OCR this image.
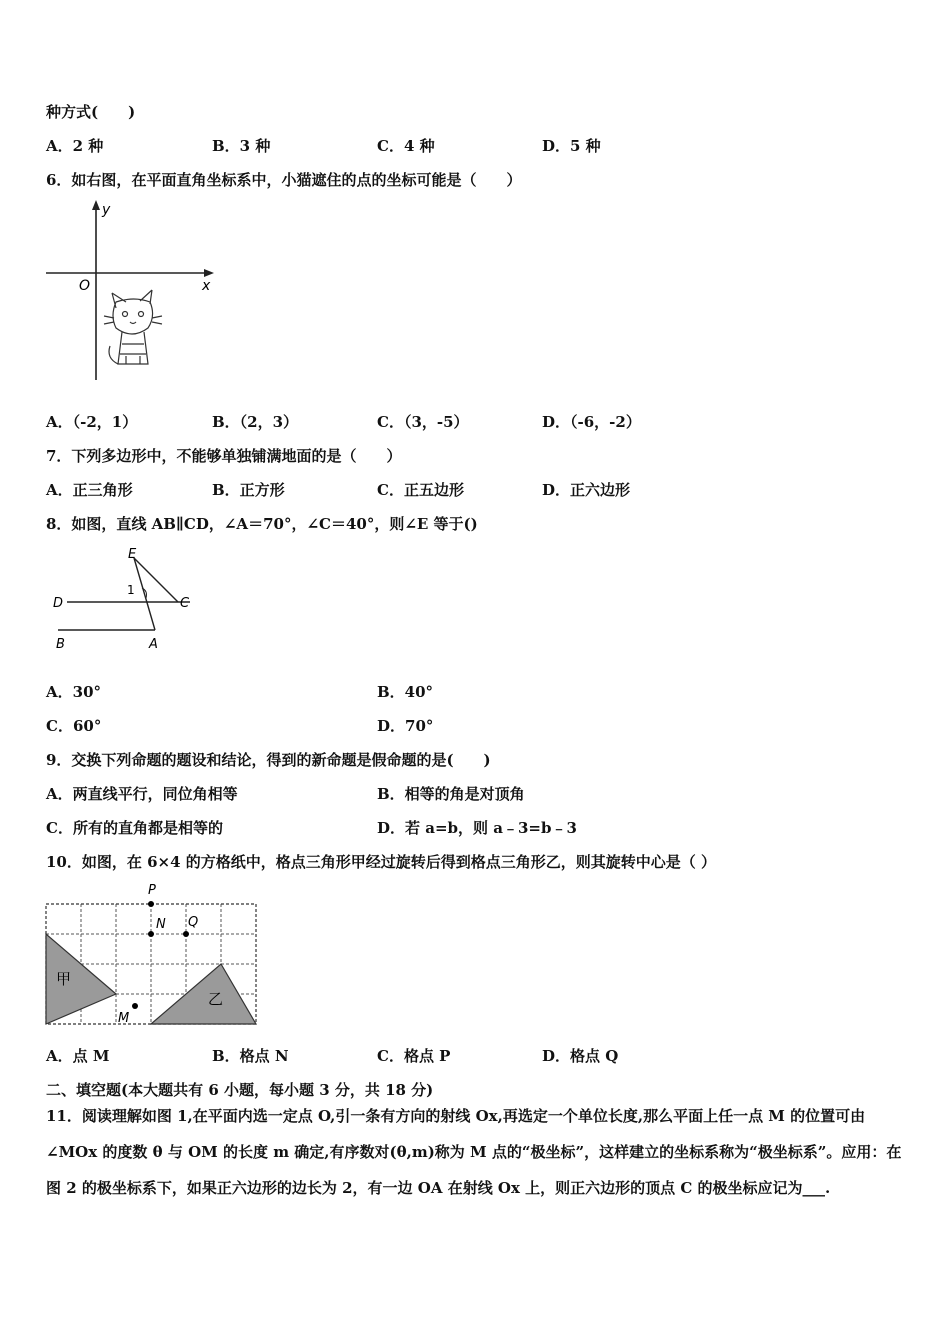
种方式(　　)
A．2 种	B．3 种	C．4 种	D．5 种
6．如右图，在平面直角坐标系中，小猫遮住的点的坐标可能是（　　）
y
x
O
A．（-2，1）	B．（2，3）	C．（3，-5）	D．（-6，-2）
7．下列多边形中，不能够单独铺满地面的是（　　）
A．正三角形	B．正方形	C．正五边形	D．正六边形
8．如图，直线 AB∥CD，∠A＝70°，∠C＝40°，则∠E 等于()
E
D	C
B	A
1
A．30°	B．40°
C．60°	D．70°
9．交换下列命题的题设和结论，得到的新命题是假命题的是(　　)
A．两直线平行，同位角相等	B．相等的角是对顶角
C．所有的直角都是相等的	D．若 a=b，则 a﹣3=b﹣3
10．如图，在 6×4 的方格纸中，格点三角形甲经过旋转后得到格点三角形乙，则其旋转中心是（ ）
甲
乙
P
N Q
M
A．点 M	B．格点 N	C．格点 P	D．格点 Q
二、填空题(本大题共有 6 小题，每小题 3 分，共 18 分)
11．阅读理解如图 1,在平面内选一定点 O,引一条有方向的射线 Ox,再选定一个单位长度,那么平面上任一点 M 的位置可由∠MOx 的度数 θ 与 OM 的长度 m 确定,有序数对(θ,m)称为 M 点的“极坐标”，这样建立的坐标系称为“极坐标系”。应用：在图 2 的极坐标系下，如果正六边形的边长为 2，有一边 OA 在射线 Ox 上，则正六边形的顶点 C 的极坐标应记为___.
